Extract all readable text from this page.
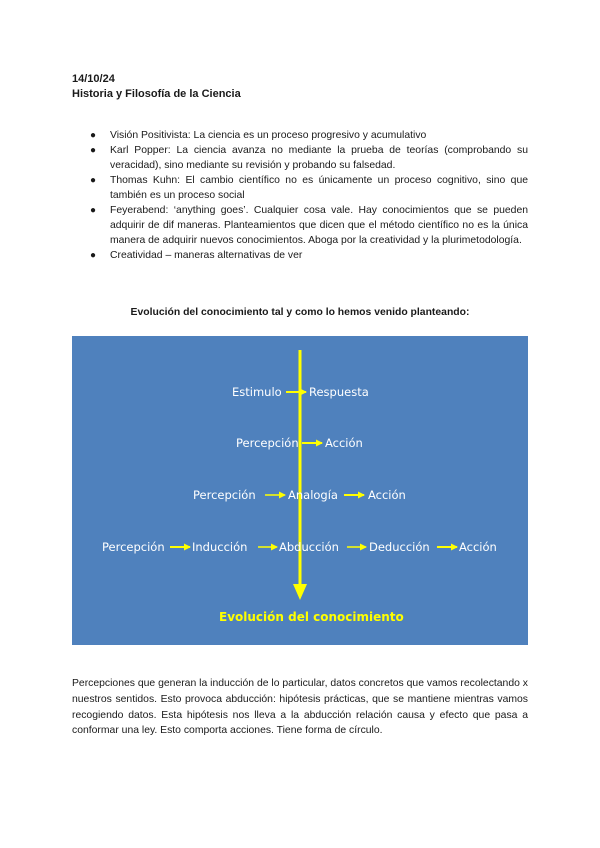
14/10/24
Historia y Filosofía de la Ciencia
● Visión Positivista: La ciencia es un proceso progresivo y acumulativo
● Karl Popper: La ciencia avanza no mediante la prueba de teorías (comprobando su veracidad), sino mediante su revisión y probando su falsedad.
● Thomas Kuhn: El cambio científico no es únicamente un proceso cognitivo, sino que también es un proceso social
● Feyerabend: ‘anything goes’. Cualquier cosa vale. Hay conocimientos que se pueden adquirir de dif maneras. Planteamientos que dicen que el método científico no es la única manera de adquirir nuevos conocimientos. Aboga por la creatividad y la plurimetodología.
● Creatividad – maneras alternativas de ver
Evolución del conocimiento tal y como lo hemos venido planteando:
Estimulo Respuesta
Percepción Acción
Percepción	Analogía	Acción
Percepción Inducción	Abducción	Deducción	Acción
Evolución del conocimiento

Percepciones que generan la inducción de lo particular, datos concretos que vamos recolectando x nuestros sentidos. Esto provoca abducción: hipótesis prácticas, que se mantiene mientras vamos recogiendo datos. Esta hipótesis nos lleva a la abducción relación causa y efecto que pasa a conformar una ley. Esto comporta acciones. Tiene forma de círculo.
